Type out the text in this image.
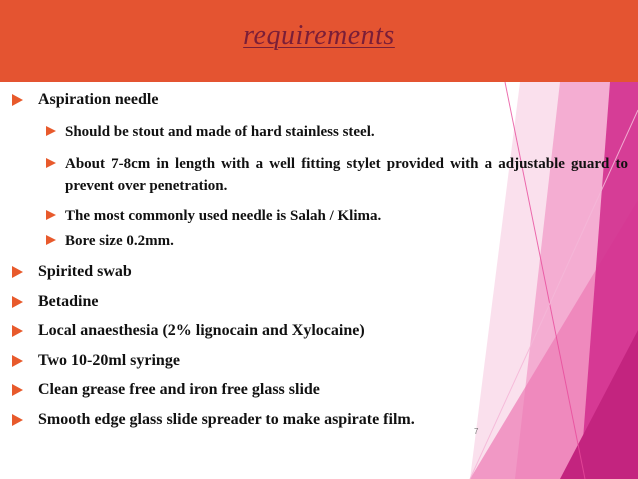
requirements
Aspiration needle
Should be stout and made of hard stainless steel.
About 7-8cm in length with a well fitting stylet provided with a adjustable guard to prevent over penetration.
The most commonly used needle is Salah / Klima.
Bore size 0.2mm.
Spirited swab
Betadine
Local anaesthesia (2% lignocain and Xylocaine)
Two 10-20ml syringe
Clean grease free and iron free glass slide
Smooth edge glass slide spreader to make aspirate film.
7
